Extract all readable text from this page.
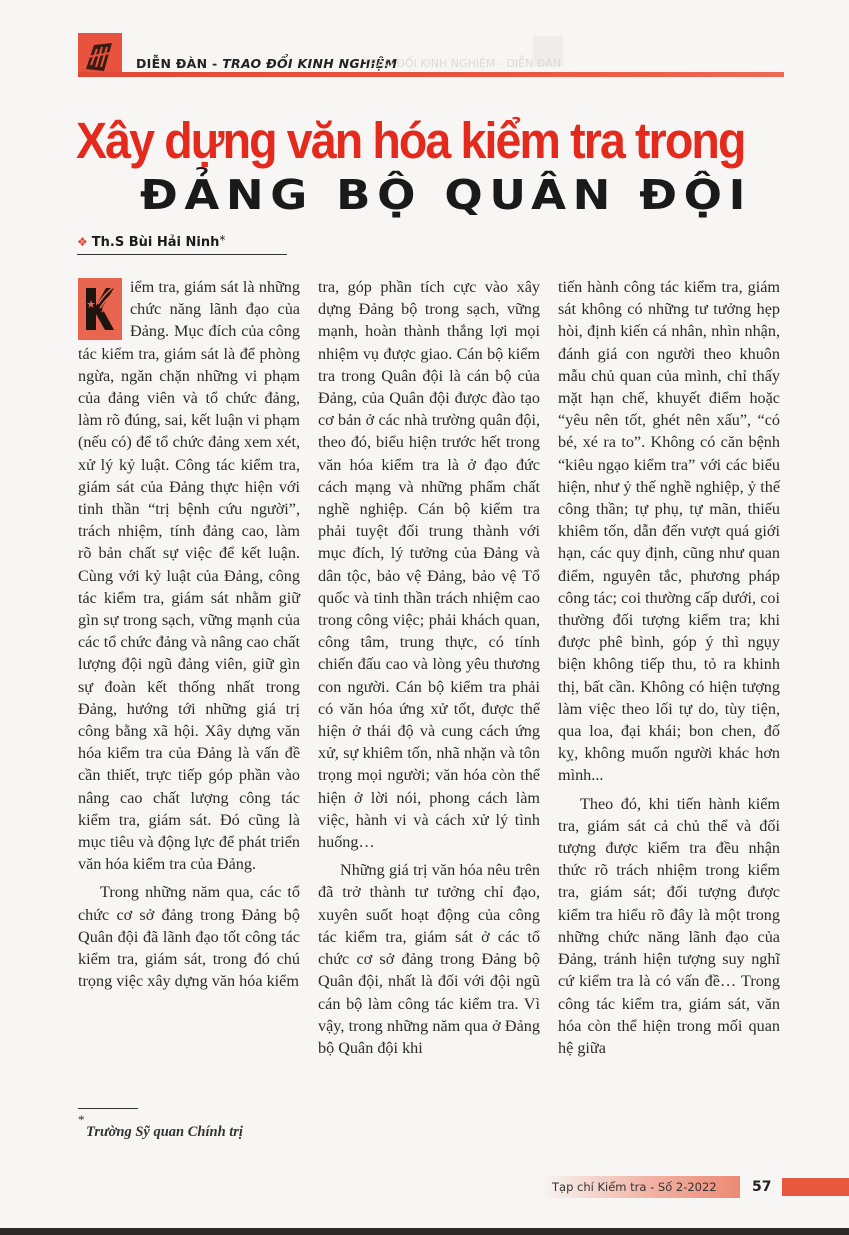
DIỄN ĐÀN - TRAO ĐỔI KINH NGHIỆM
TRAO ĐỔI KINH NGHIỆM - DIỄN ĐÀN
Xây dựng văn hóa kiểm tra trong
ĐẢNG BỘ QUÂN ĐỘI
❖ Th.S Bùi Hải Ninh*

iểm tra, giám sát là những chức năng lãnh đạo của Đảng. Mục đích của công tác kiểm tra, giám sát là để phòng ngừa, ngăn chặn những vi phạm của đảng viên và tổ chức đảng, làm rõ đúng, sai, kết luận vi phạm (nếu có) để tổ chức đảng xem xét, xử lý kỷ luật. Công tác kiểm tra, giám sát của Đảng thực hiện với tinh thần “trị bệnh cứu người”, trách nhiệm, tính đảng cao, làm rõ bản chất sự việc để kết luận. Cùng với kỷ luật của Đảng, công tác kiểm tra, giám sát nhằm giữ gìn sự trong sạch, vững mạnh của các tổ chức đảng và nâng cao chất lượng đội ngũ đảng viên, giữ gìn sự đoàn kết thống nhất trong Đảng, hướng tới những giá trị công bằng xã hội. Xây dựng văn hóa kiểm tra của Đảng là vấn đề cần thiết, trực tiếp góp phần vào nâng cao chất lượng công tác kiểm tra, giám sát. Đó cũng là mục tiêu và động lực để phát triển văn hóa kiểm tra của Đảng.

Trong những năm qua, các tổ chức cơ sở đảng trong Đảng bộ Quân đội đã lãnh đạo tốt công tác kiểm tra, giám sát, trong đó chú trọng việc xây dựng văn hóa kiểm

tra, góp phần tích cực vào xây dựng Đảng bộ trong sạch, vững mạnh, hoàn thành thắng lợi mọi nhiệm vụ được giao. Cán bộ kiểm tra trong Quân đội là cán bộ của Đảng, của Quân đội được đào tạo cơ bản ở các nhà trường quân đội, theo đó, biểu hiện trước hết trong văn hóa kiểm tra là ở đạo đức cách mạng và những phẩm chất nghề nghiệp. Cán bộ kiểm tra phải tuyệt đối trung thành với mục đích, lý tưởng của Đảng và dân tộc, bảo vệ Đảng, bảo vệ Tổ quốc và tinh thần trách nhiệm cao trong công việc; phải khách quan, công tâm, trung thực, có tính chiến đấu cao và lòng yêu thương con người. Cán bộ kiểm tra phải có văn hóa ứng xử tốt, được thể hiện ở thái độ và cung cách ứng xử, sự khiêm tốn, nhã nhặn và tôn trọng mọi người; văn hóa còn thể hiện ở lời nói, phong cách làm việc, hành vi và cách xử lý tình huống…

Những giá trị văn hóa nêu trên đã trở thành tư tưởng chỉ đạo, xuyên suốt hoạt động của công tác kiểm tra, giám sát ở các tổ chức cơ sở đảng trong Đảng bộ Quân đội, nhất là đối với đội ngũ cán bộ làm công tác kiểm tra. Vì vậy, trong những năm qua ở Đảng bộ Quân đội khi

tiến hành công tác kiểm tra, giám sát không có những tư tưởng hẹp hòi, định kiến cá nhân, nhìn nhận, đánh giá con người theo khuôn mẫu chủ quan của mình, chỉ thấy mặt hạn chế, khuyết điểm hoặc “yêu nên tốt, ghét nên xấu”, “có bé, xé ra to”. Không có căn bệnh “kiêu ngạo kiểm tra” với các biểu hiện, như ỷ thế nghề nghiệp, ỷ thế công thần; tự phụ, tự mãn, thiếu khiêm tốn, dẫn đến vượt quá giới hạn, các quy định, cũng như quan điểm, nguyên tắc, phương pháp công tác; coi thường cấp dưới, coi thường đối tượng kiểm tra; khi được phê bình, góp ý thì ngụy biện không tiếp thu, tỏ ra khinh thị, bất cần. Không có hiện tượng làm việc theo lối tự do, tùy tiện, qua loa, đại khái; bon chen, đố kỵ, không muốn người khác hơn mình...

Theo đó, khi tiến hành kiểm tra, giám sát cả chủ thể và đối tượng được kiểm tra đều nhận thức rõ trách nhiệm trong kiểm tra, giám sát; đối tượng được kiểm tra hiểu rõ đây là một trong những chức năng lãnh đạo của Đảng, tránh hiện tượng suy nghĩ cứ kiểm tra là có vấn đề… Trong công tác kiểm tra, giám sát, văn hóa còn thể hiện trong mối quan hệ giữa

*
Trường Sỹ quan Chính trị
Tạp chí Kiểm tra - Số 2-2022	57
